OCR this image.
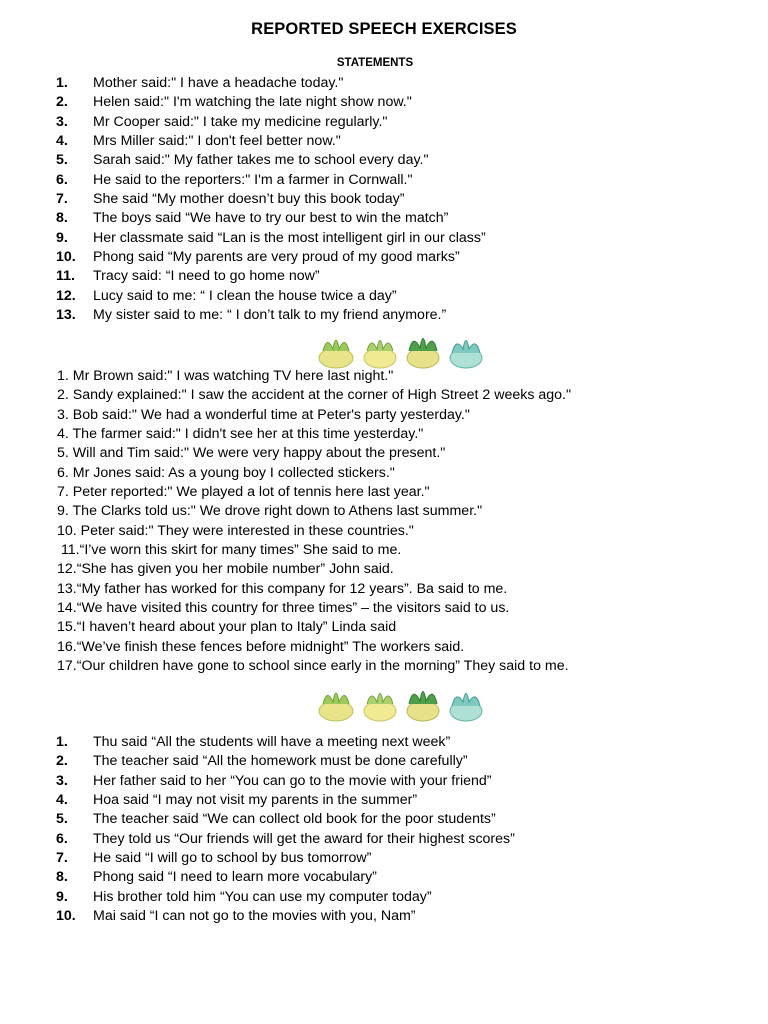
REPORTED SPEECH EXERCISES
STATEMENTS
1. Mother said:" I have a headache today."
2. Helen said:" I'm watching the late night show now."
3. Mr Cooper said:" I take my medicine regularly."
4. Mrs Miller said:" I don't feel better now."
5. Sarah said:" My father takes me to school every day."
6. He said to the reporters:" I'm a farmer in Cornwall."
7. She said “My mother doesn’t buy this book today”
8. The boys said “We have to try our best to win the match”
9. Her classmate said “Lan is the most intelligent girl in our class”
10. Phong said “My parents are very proud of my good marks”
11. Tracy said: “I need to go home now”
12. Lucy said to me: “ I clean the house twice a day”
13. My sister said to me: “ I don’t talk to my friend anymore.”
1. Mr Brown said:" I was watching TV here last night."
2. Sandy explained:" I saw the accident at the corner of High Street 2 weeks ago."
3. Bob said:" We had a wonderful time at Peter's party yesterday."
4. The farmer said:" I didn't see her at this time yesterday."
5. Will and Tim said:" We were very happy about the present."
6. Mr Jones said: As a young boy I collected stickers."
7. Peter reported:" We played a lot of tennis here last year."
9. The Clarks told us:" We drove right down to Athens last summer."
10. Peter said:" They were interested in these countries."
11.“I’ve worn this skirt for many times” She said to me.
12.“She has given you her mobile number” John said.
13.“My father has worked for this company for 12 years”. Ba said to me.
14.“We have visited this country for three times” – the visitors said to us.
15.“I haven’t heard about your plan to Italy” Linda said
16.“We’ve finish these fences before midnight” The workers said.
17.“Our children have gone to school since early in the morning” They said to me.
1. Thu said “All the students will have a meeting next week”
2. The teacher said “All the homework must be done carefully”
3. Her father said to her “You can go to the movie with your friend”
4. Hoa said “I may not visit my parents in the summer”
5. The teacher said “We can collect old book for the poor students”
6. They told us “Our friends will get the award for their highest scores”
7. He said “I will go to school by bus tomorrow”
8. Phong said “I need to learn more vocabulary”
9. His brother told him “You can use my computer today”
10. Mai said “I can not go to the movies with you, Nam”
